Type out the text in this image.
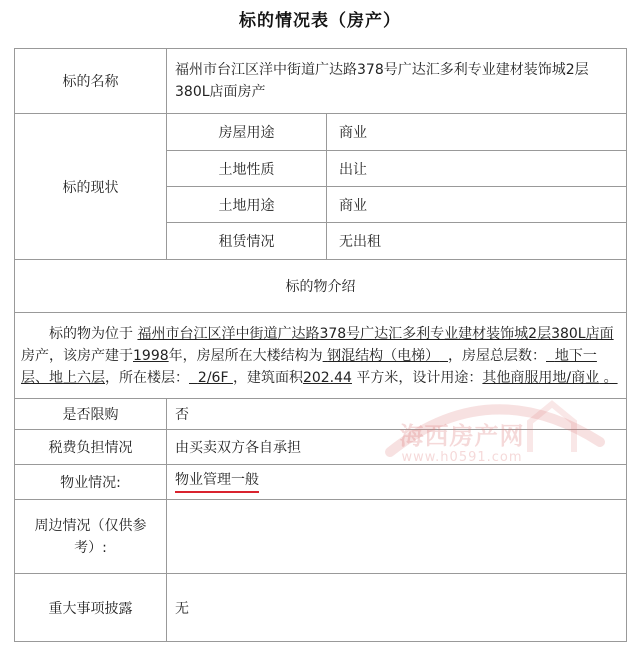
标的情况表（房产）
标的名称	福州市台江区洋中街道广达路378号广达汇多利专业建材装饰城2层380L店面房产	
标的现状	房屋用途	商业
	土地性质	出让
	土地用途	商业
	租赁情况	无出租
标的物介绍		
标的物为位于 福州市台江区洋中街道广达路378号广达汇多利专业建材装饰城2层380L店面房产，该房产建于1998年，房屋所在大楼结构为 钢混结构（电梯） ，房屋总层数： 地下一层、地上六层，所在楼层： 2/6F ，建筑面积202.44 平方米，设计用途：其他商服用地/商业 。		
是否限购	否	
税费负担情况	由买卖双方各自承担	
物业情况:	物业管理一般	
周边情况（仅供参考）:		
重大事项披露	无	
海西房产网
www.h0591.com
